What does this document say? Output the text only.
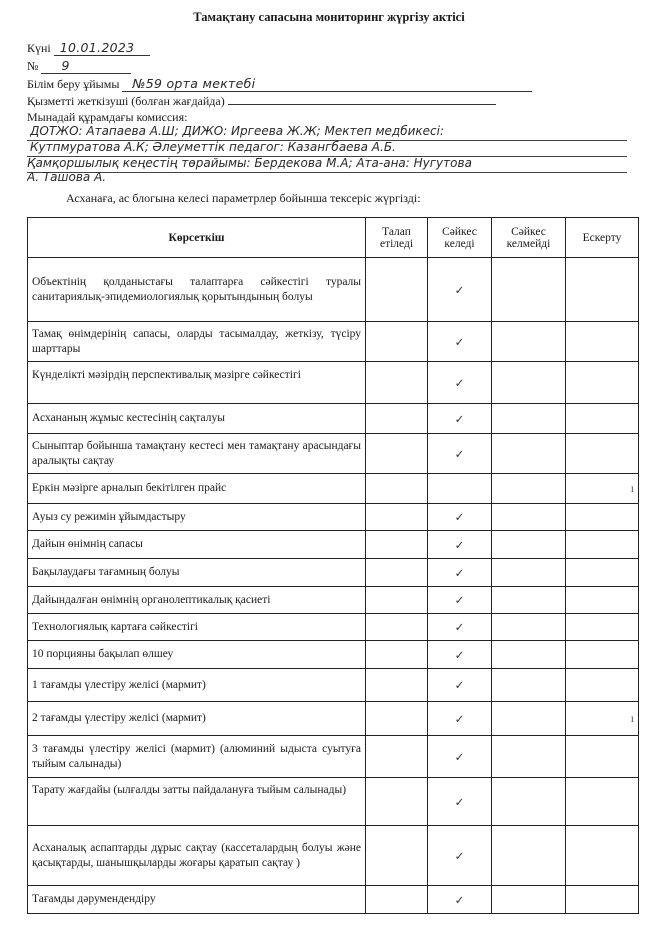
Тамақтану сапасына мониторинг жүргізу актісі
Күні 10.01.2023
№ 9
Білім беру ұйымы №59 орта мектебі
Қызметті жеткізуші (болған жағдайда)
Мынадай құрамдағы комиссия:
ДОТЖО: Атапаева А.Ш; ДИЖО: Иргеева Ж.Ж; Мектеп медбикесі:
Кутпмуратова А.К; Әлеуметтік педагог: Казангбаева А.Б.
Қамқоршылық кеңестің төрайымы: Бердекова М.А; Ата-ана: Нугутова
А. Ташова А.
Асханаға, ас блогына келесі параметрлер бойынша тексеріс жүргізді:
Көрсеткіш	Талап етіледі	Сәйкес келеді	Сәйкес келмейді	Ескерту
Объектінің қолданыстағы талаптарға сәйкестігі туралы санитариялық-эпидемиологиялық қорытындының болуы		✓		
Тамақ өнімдерінің сапасы, оларды тасымалдау, жеткізу, түсіру шарттары		✓		
Күнделікті мәзірдің перспективалық мәзірге сәйкестігі		✓		
Асхананың жұмыс кестесінің сақталуы		✓		
Сыныптар бойынша тамақтану кестесі мен тамақтану арасындағы аралықты сақтау		✓		
Еркін мәзірге арналып бекітілген прайс				ı
Ауыз су режимін ұйымдастыру		✓		
Дайын өнімнің сапасы		✓		
Бақылаудағы тағамның болуы		✓		
Дайындалған өнімнің органолептикалық қасиеті		✓		
Технологиялық картаға сәйкестігі		✓		
10 порцияны бақылап өлшеу		✓		
1 тағамды үлестіру желісі (мармит)		✓		
2 тағамды үлестіру желісі (мармит)		✓		ı
3 тағамды үлестіру желісі (мармит) (алюминий ыдыста суытуға тыйым салынады)		✓		
Тарату жағдайы (ылғалды затты пайдалануға тыйым салынады)		✓		
Асханалық аспаптарды дұрыс сақтау (кассеталардың болуы және қасықтарды, шанышқыларды жоғары қаратып сақтау )		✓		
Тағамды дәрумендендіру		✓		
